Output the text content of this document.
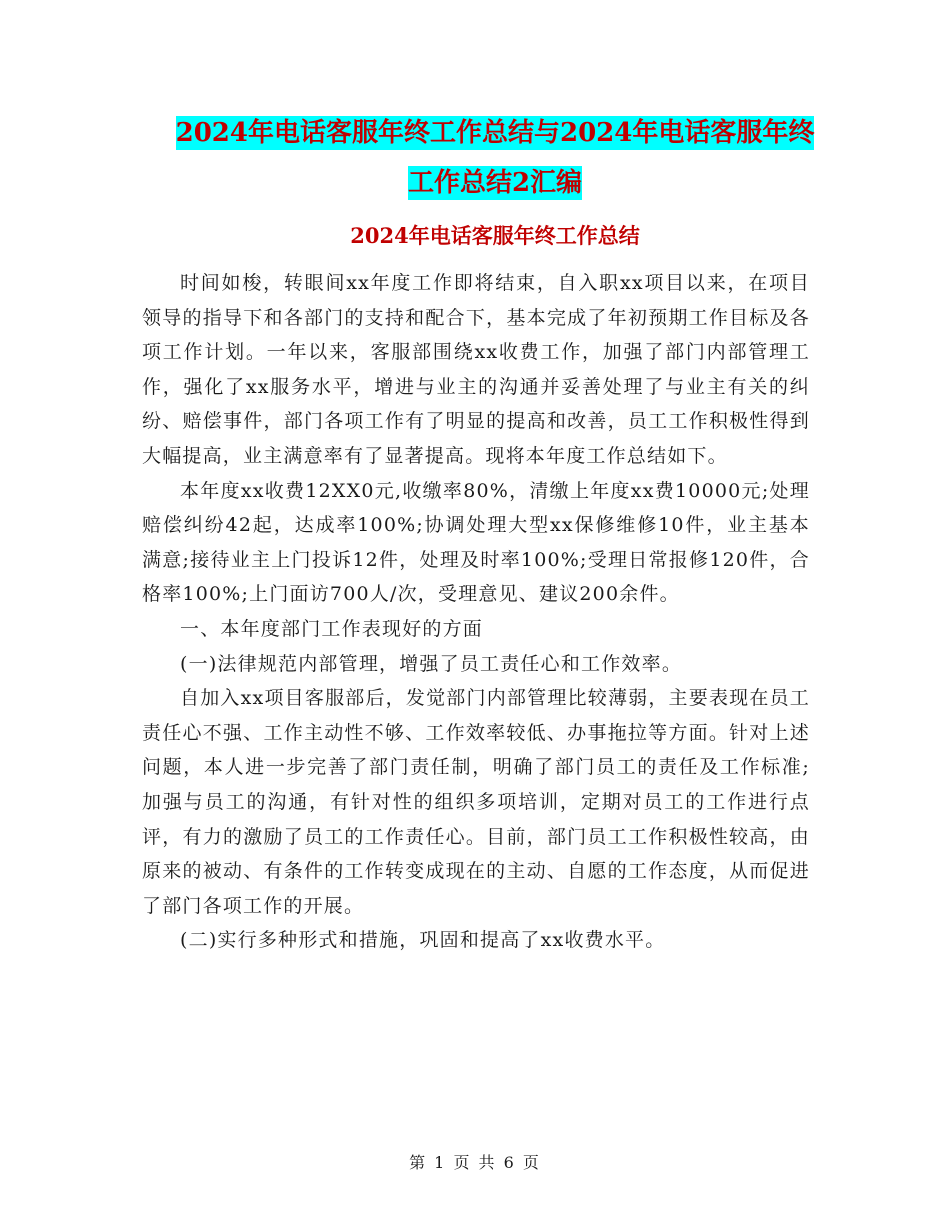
2024年电话客服年终工作总结与2024年电话客服年终
工作总结2汇编
2024年电话客服年终工作总结

时间如梭，转眼间xx年度工作即将结束，自入职xx项目以来，在项目领导的指导下和各部门的支持和配合下，基本完成了年初预期工作目标及各项工作计划。一年以来，客服部围绕xx收费工作，加强了部门内部管理工作，强化了xx服务水平，增进与业主的沟通并妥善处理了与业主有关的纠纷、赔偿事件，部门各项工作有了明显的提高和改善，员工工作积极性得到大幅提高，业主满意率有了显著提高。现将本年度工作总结如下。

本年度xx收费12XX0元,收缴率80%，清缴上年度xx费10000元;处理赔偿纠纷42起，达成率100%;协调处理大型xx保修维修10件，业主基本满意;接待业主上门投诉12件，处理及时率100%;受理日常报修120件，合格率100%;上门面访700人/次，受理意见、建议200余件。

一、本年度部门工作表现好的方面

(一)法律规范内部管理，增强了员工责任心和工作效率。

自加入xx项目客服部后，发觉部门内部管理比较薄弱，主要表现在员工责任心不强、工作主动性不够、工作效率较低、办事拖拉等方面。针对上述问题，本人进一步完善了部门责任制，明确了部门员工的责任及工作标准;加强与员工的沟通，有针对性的组织多项培训，定期对员工的工作进行点评，有力的激励了员工的工作责任心。目前，部门员工工作积极性较高，由原来的被动、有条件的工作转变成现在的主动、自愿的工作态度，从而促进了部门各项工作的开展。

(二)实行多种形式和措施，巩固和提高了xx收费水平。

第 1 页 共 6 页
